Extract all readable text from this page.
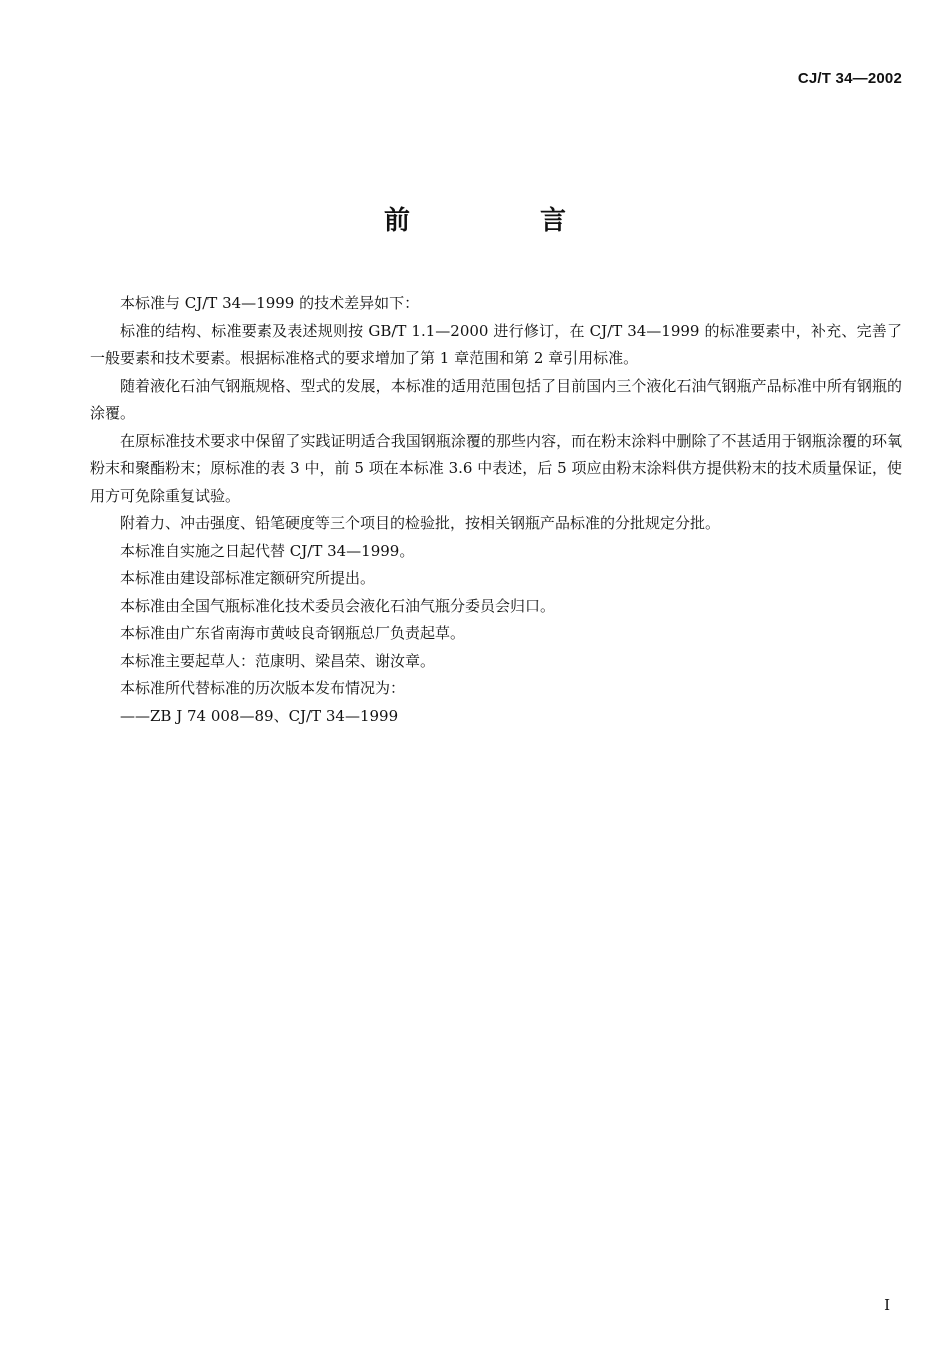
CJ/T 34—2002
前　言

本标准与 CJ/T 34—1999 的技术差异如下：

标准的结构、标准要素及表述规则按 GB/T 1.1—2000 进行修订，在 CJ/T 34—1999 的标准要素中，补充、完善了一般要素和技术要素。根据标准格式的要求增加了第 1 章范围和第 2 章引用标准。

随着液化石油气钢瓶规格、型式的发展，本标准的适用范围包括了目前国内三个液化石油气钢瓶产品标准中所有钢瓶的涂覆。

在原标准技术要求中保留了实践证明适合我国钢瓶涂覆的那些内容，而在粉末涂料中删除了不甚适用于钢瓶涂覆的环氧粉末和聚酯粉末；原标准的表 3 中，前 5 项在本标准 3.6 中表述，后 5 项应由粉末涂料供方提供粉末的技术质量保证，使用方可免除重复试验。

附着力、冲击强度、铅笔硬度等三个项目的检验批，按相关钢瓶产品标准的分批规定分批。

本标准自实施之日起代替 CJ/T 34—1999。

本标准由建设部标准定额研究所提出。

本标准由全国气瓶标准化技术委员会液化石油气瓶分委员会归口。

本标准由广东省南海市黄岐良奇钢瓶总厂负责起草。

本标准主要起草人：范康明、梁昌荣、谢汝章。

本标准所代替标准的历次版本发布情况为：

——ZB J 74 008—89、CJ/T 34—1999

I
